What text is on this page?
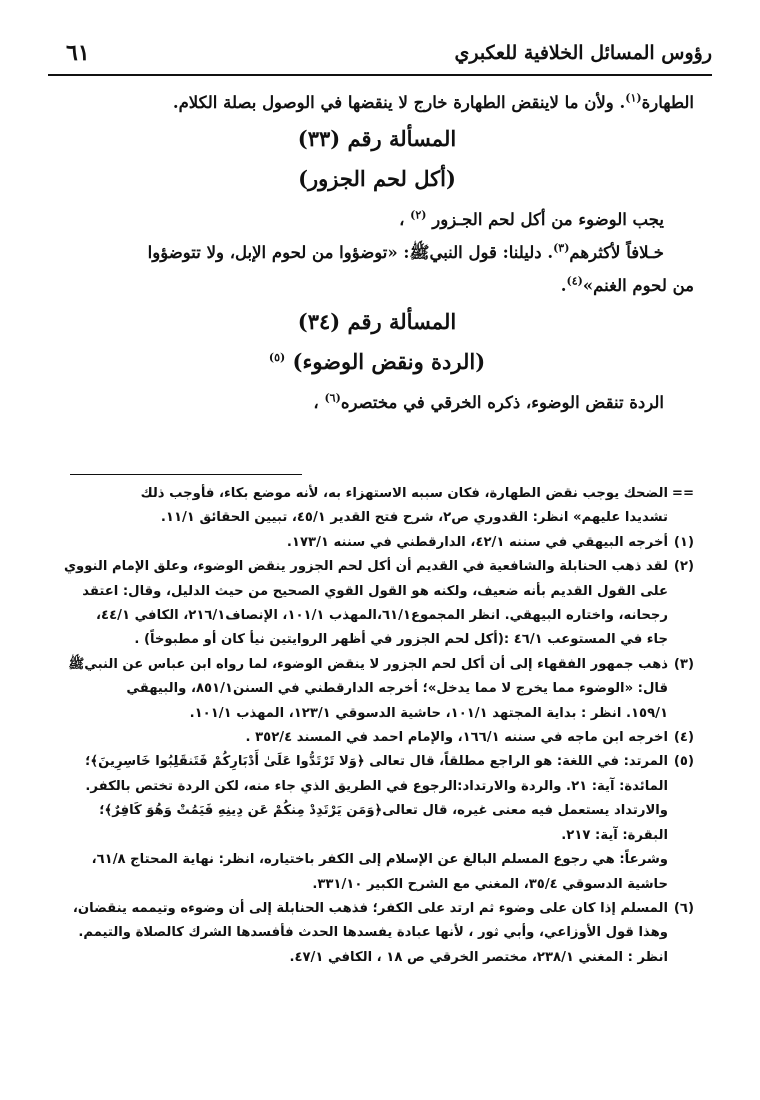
رؤوس المسائل الخلافية للعكبري
٦١

الطهارة$^{(١)}$. ولأن ما لاينقض الطهارة خارج لا ينقضها في الوصول بصلة الكلام.

المسألة رقم (٣٣)

(أكل لحم الجزور)

يجب الوضوء من أكل لحم الجـزور $^{(٢)}$ ،

خـلافاً لأكثرهم$^{(٣)}$. دليلنا: قول النبيﷺ: «توضؤوا من لحوم الإبل، ولا تتوضؤوا

من لحوم الغنم»$^{(٤)}$.

المسألة رقم (٣٤)

(الردة ونقض الوضوء) $^{(٥)}$

الردة تنقض الوضوء، ذكره الخرقي في مختصره$^{(٦)}$ ،

==

الضحك يوجب نقض الطهارة، فكان سببه الاستهزاء به، لأنه موضع بكاء، فأوجب ذلك

تشديدا عليهم» انظر: القدوري ص٢، شرح فتح القدير ٤٥/١، تبيين الحقائق ١١/١.

(١)

أخرجه البيهقي في سننه ٤٢/١، الدارقطني في سننه ١٧٣/١.

(٢)

لقد ذهب الحنابلة والشافعية في القديم أن أكل لحم الجزور ينقض الوضوء، وعلق الإمام النووي

على القول القديم بأنه ضعيف، ولكنه هو القول القوي الصحيح من حيث الدليل، وقال: اعتقد

رجحانه، واختاره البيهقي. انظر المجموع٦١/١،المهذب ١٠١/١، الإنصاف٢١٦/١، الكافي ٤٤/١،

جاء في المستوعب ٤٦/١ :(أكل لحم الجزور في أظهر الروايتين نيأ كان أو مطبوخاً) .

(٣)

ذهب جمهور الفقهاء إلى أن أكل لحم الجزور لا ينقض الوضوء، لما رواه ابن عباس عن النبيﷺ

قال: «الوضوء مما يخرج لا مما يدخل»؛ أخرجه الدارقطني في السنن٨٥١/١، والبيهقي

١٥٩/١. انظر : بداية المجتهد ١٠١/١، حاشية الدسوقي ١٢٣/١، المهذب ١٠١/١.

(٤)

اخرجه ابن ماجه في سننه ١٦٦/١، والإمام احمد في المسند ٣٥٢/٤ .

(٥)

المرتد: في اللغة: هو الراجع مطلقاً، قال تعالى ﴿وَلا تَرْتَدُّوا عَلَىٰ أَدْبَارِكُمْ فَتَنقَلِبُوا خَاسِرِينَ﴾؛

المائدة: آية: ٢١. والردة والارتداد:الرجوع في الطريق الذي جاء منه، لكن الردة تختص بالكفر.

والارتداد يستعمل فيه معنى غيره، قال تعالى﴿وَمَن يَرْتَدِدْ مِنكُمْ عَن دِينِهِ فَيَمُتْ وَهُوَ كَافِرٌ﴾؛

البقرة: آية: ٢١٧.

وشرعاً: هي رجوع المسلم البالغ عن الإسلام إلى الكفر باختياره، انظر: نهاية المحتاج ٦١/٨،

حاشية الدسوقي ٣٥/٤، المغني مع الشرح الكبير ٣٣١/١٠.

(٦)

المسلم إذا كان على وضوء ثم ارتد على الكفر؛ فذهب الحنابلة إلى أن وضوءه وتيممه ينقضان،

وهذا قول الأوزاعي، وأبي ثور ، لأنها عبادة يفسدها الحدث فأفسدها الشرك كالصلاة والتيمم.

انظر : المغني ٢٣٨/١، مختصر الخرقي ص ١٨ ، الكافي ٤٧/١.
